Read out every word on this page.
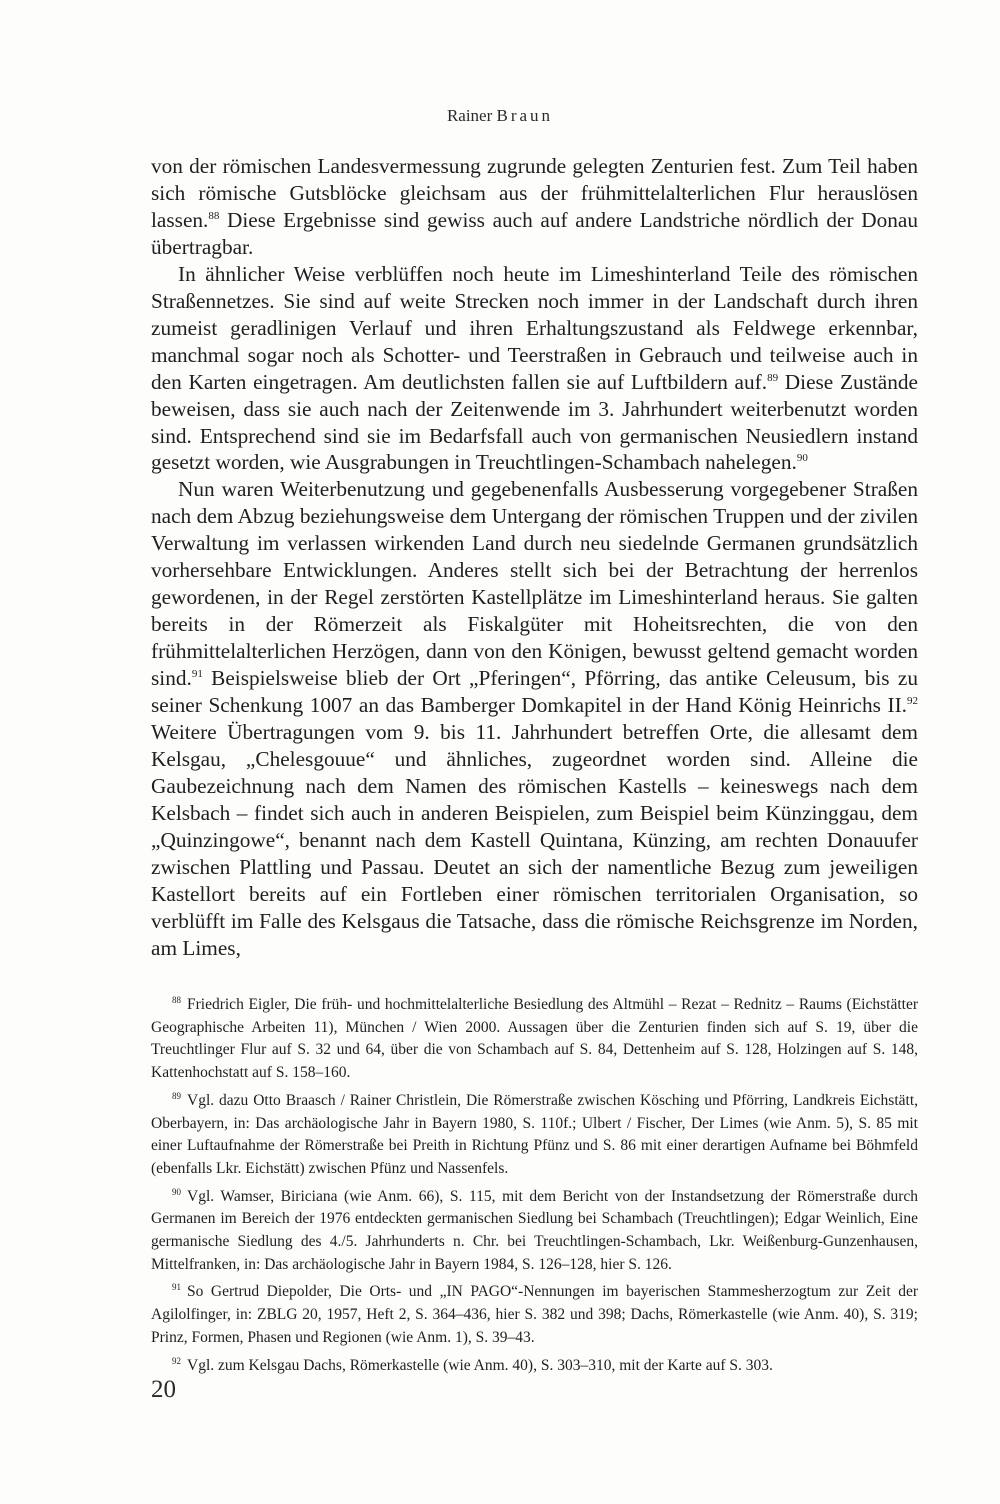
Rainer Braun

von der römischen Landesvermessung zugrunde gelegten Zenturien fest. Zum Teil haben sich römische Gutsblöcke gleichsam aus der frühmittelalterlichen Flur herauslösen lassen.$^{88}$ Diese Ergebnisse sind gewiss auch auf andere Landstriche nördlich der Donau übertragbar.

In ähnlicher Weise verblüffen noch heute im Limeshinterland Teile des römischen Straßennetzes. Sie sind auf weite Strecken noch immer in der Landschaft durch ihren zumeist geradlinigen Verlauf und ihren Erhaltungszustand als Feldwege erkennbar, manchmal sogar noch als Schotter- und Teerstraßen in Gebrauch und teilweise auch in den Karten eingetragen. Am deutlichsten fallen sie auf Luftbildern auf.$^{89}$ Diese Zustände beweisen, dass sie auch nach der Zeitenwende im 3. Jahrhundert weiterbenutzt worden sind. Entsprechend sind sie im Bedarfsfall auch von germanischen Neusiedlern instand gesetzt worden, wie Ausgrabungen in Treuchtlingen-Schambach nahelegen.$^{90}$

Nun waren Weiterbenutzung und gegebenenfalls Ausbesserung vorgegebener Straßen nach dem Abzug beziehungsweise dem Untergang der römischen Truppen und der zivilen Verwaltung im verlassen wirkenden Land durch neu siedelnde Germanen grundsätzlich vorhersehbare Entwicklungen. Anderes stellt sich bei der Betrachtung der herrenlos gewordenen, in der Regel zerstörten Kastellplätze im Limeshinterland heraus. Sie galten bereits in der Römerzeit als Fiskalgüter mit Hoheitsrechten, die von den frühmittelalterlichen Herzögen, dann von den Königen, bewusst geltend gemacht worden sind.$^{91}$ Beispielsweise blieb der Ort „Pferingen“, Pförring, das antike Celeusum, bis zu seiner Schenkung 1007 an das Bamberger Domkapitel in der Hand König Heinrichs II.$^{92}$ Weitere Übertragungen vom 9. bis 11. Jahrhundert betreffen Orte, die allesamt dem Kelsgau, „Chelesgouue“ und ähnliches, zugeordnet worden sind. Alleine die Gaubezeichnung nach dem Namen des römischen Kastells – keineswegs nach dem Kelsbach – findet sich auch in anderen Beispielen, zum Beispiel beim Künzinggau, dem „Quinzingowe“, benannt nach dem Kastell Quintana, Künzing, am rechten Donauufer zwischen Plattling und Passau. Deutet an sich der namentliche Bezug zum jeweiligen Kastellort bereits auf ein Fortleben einer römischen territorialen Organisation, so verblüfft im Falle des Kelsgaus die Tatsache, dass die römische Reichsgrenze im Norden, am Limes,

$^{88}$ Friedrich Eigler, Die früh- und hochmittelalterliche Besiedlung des Altmühl – Rezat – Rednitz – Raums (Eichstätter Geographische Arbeiten 11), München / Wien 2000. Aussagen über die Zenturien finden sich auf S. 19, über die Treuchtlinger Flur auf S. 32 und 64, über die von Schambach auf S. 84, Dettenheim auf S. 128, Holzingen auf S. 148, Kattenhochstatt auf S. 158–160.

$^{89}$ Vgl. dazu Otto Braasch / Rainer Christlein, Die Römerstraße zwischen Kösching und Pförring, Landkreis Eichstätt, Oberbayern, in: Das archäologische Jahr in Bayern 1980, S. 110f.; Ulbert / Fischer, Der Limes (wie Anm. 5), S. 85 mit einer Luftaufnahme der Römerstraße bei Preith in Richtung Pfünz und S. 86 mit einer derartigen Aufname bei Böhmfeld (ebenfalls Lkr. Eichstätt) zwischen Pfünz und Nassenfels.

$^{90}$ Vgl. Wamser, Biriciana (wie Anm. 66), S. 115, mit dem Bericht von der Instandsetzung der Römerstraße durch Germanen im Bereich der 1976 entdeckten germanischen Siedlung bei Schambach (Treuchtlingen); Edgar Weinlich, Eine germanische Siedlung des 4./5. Jahrhunderts n. Chr. bei Treuchtlingen-Schambach, Lkr. Weißenburg-Gunzenhausen, Mittelfranken, in: Das archäologische Jahr in Bayern 1984, S. 126–128, hier S. 126.

$^{91}$ So Gertrud Diepolder, Die Orts- und „IN PAGO“-Nennungen im bayerischen Stammesherzogtum zur Zeit der Agilolfinger, in: ZBLG 20, 1957, Heft 2, S. 364–436, hier S. 382 und 398; Dachs, Römerkastelle (wie Anm. 40), S. 319; Prinz, Formen, Phasen und Regionen (wie Anm. 1), S. 39–43.

$^{92}$ Vgl. zum Kelsgau Dachs, Römerkastelle (wie Anm. 40), S. 303–310, mit der Karte auf S. 303.

20
